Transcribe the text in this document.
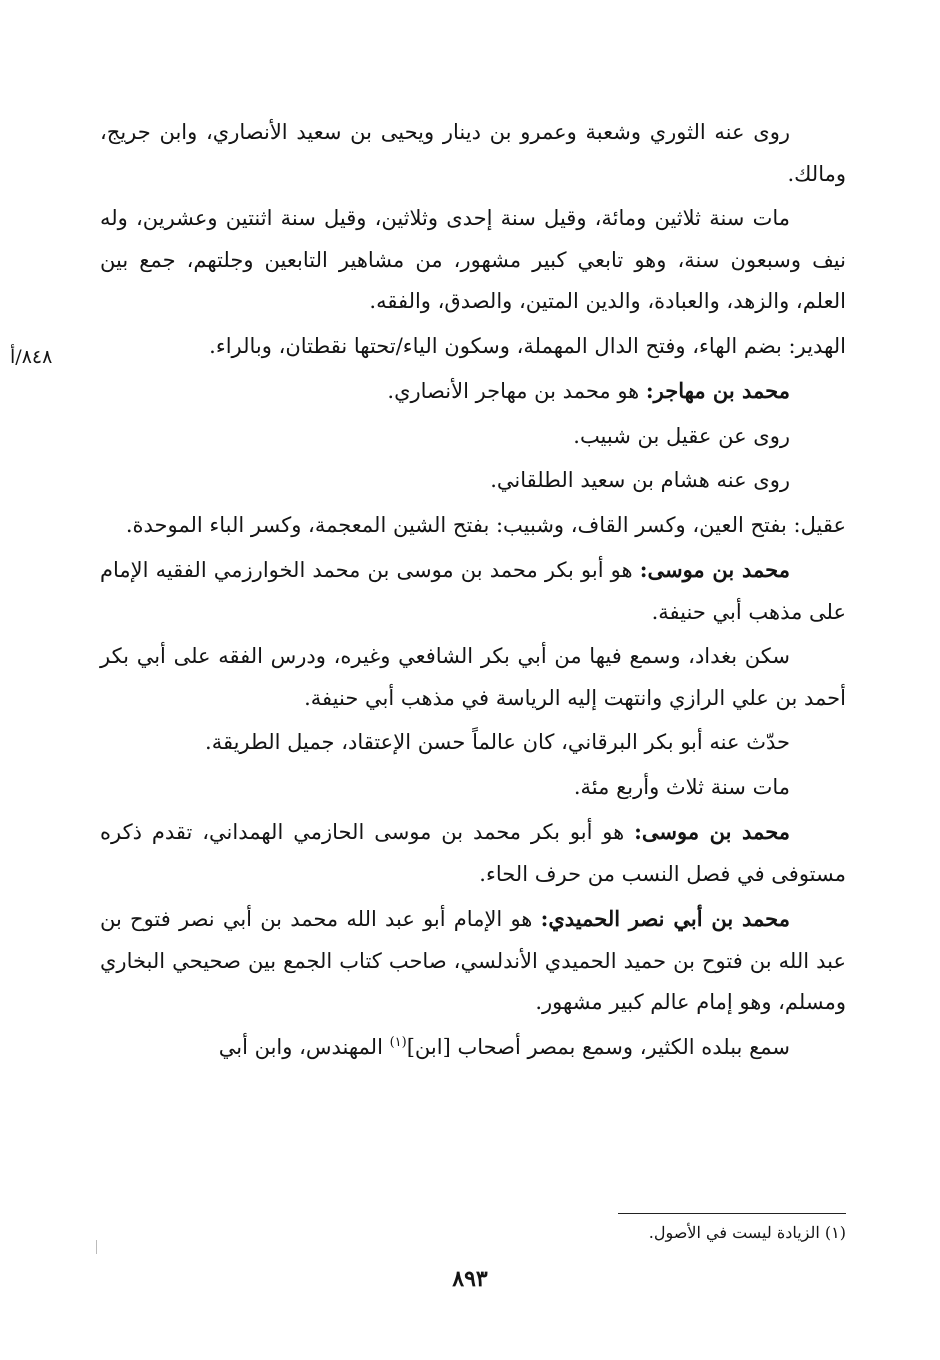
٨٤٨/أ

روى عنه الثوري وشعبة وعمرو بن دينار ويحيى بن سعيد الأنصاري، وابن جريج، ومالك.

مات سنة ثلاثين ومائة، وقيل سنة إحدى وثلاثين، وقيل سنة اثنتين وعشرين، وله نيف وسبعون سنة، وهو تابعي كبير مشهور، من مشاهير التابعين وجلتهم، جمع بين العلم، والزهد، والعبادة، والدين المتين، والصدق، والفقه.

الهدير: بضم الهاء، وفتح الدال المهملة، وسكون الياء/تحتها نقطتان، وبالراء.

محمد بن مهاجر: هو محمد بن مهاجر الأنصاري.

روى عن عقيل بن شبيب.

روى عنه هشام بن سعيد الطلقاني.

عقيل: بفتح العين، وكسر القاف، وشبيب: بفتح الشين المعجمة، وكسر الباء الموحدة.

محمد بن موسى: هو أبو بكر محمد بن موسى بن محمد الخوارزمي الفقيه الإمام على مذهب أبي حنيفة.

سكن بغداد، وسمع فيها من أبي بكر الشافعي وغيره، ودرس الفقه على أبي بكر أحمد بن علي الرازي وانتهت إليه الرياسة في مذهب أبي حنيفة.

حدّث عنه أبو بكر البرقاني، كان عالماً حسن الإعتقاد، جميل الطريقة.

مات سنة ثلاث وأربع مئة.

محمد بن موسى: هو أبو بكر محمد بن موسى الحازمي الهمداني، تقدم ذكره مستوفى في فصل النسب من حرف الحاء.

محمد بن أبي نصر الحميدي: هو الإمام أبو عبد الله محمد بن أبي نصر فتوح بن عبد الله بن فتوح بن حميد الحميدي الأندلسي، صاحب كتاب الجمع بين صحيحي البخاري ومسلم، وهو إمام عالم كبير مشهور.

سمع ببلده الكثير، وسمع بمصر أصحاب [ابن]$^{(١)}$ المهندس، وابن أبي

(١) الزيادة ليست في الأصول.
٨٩٣
